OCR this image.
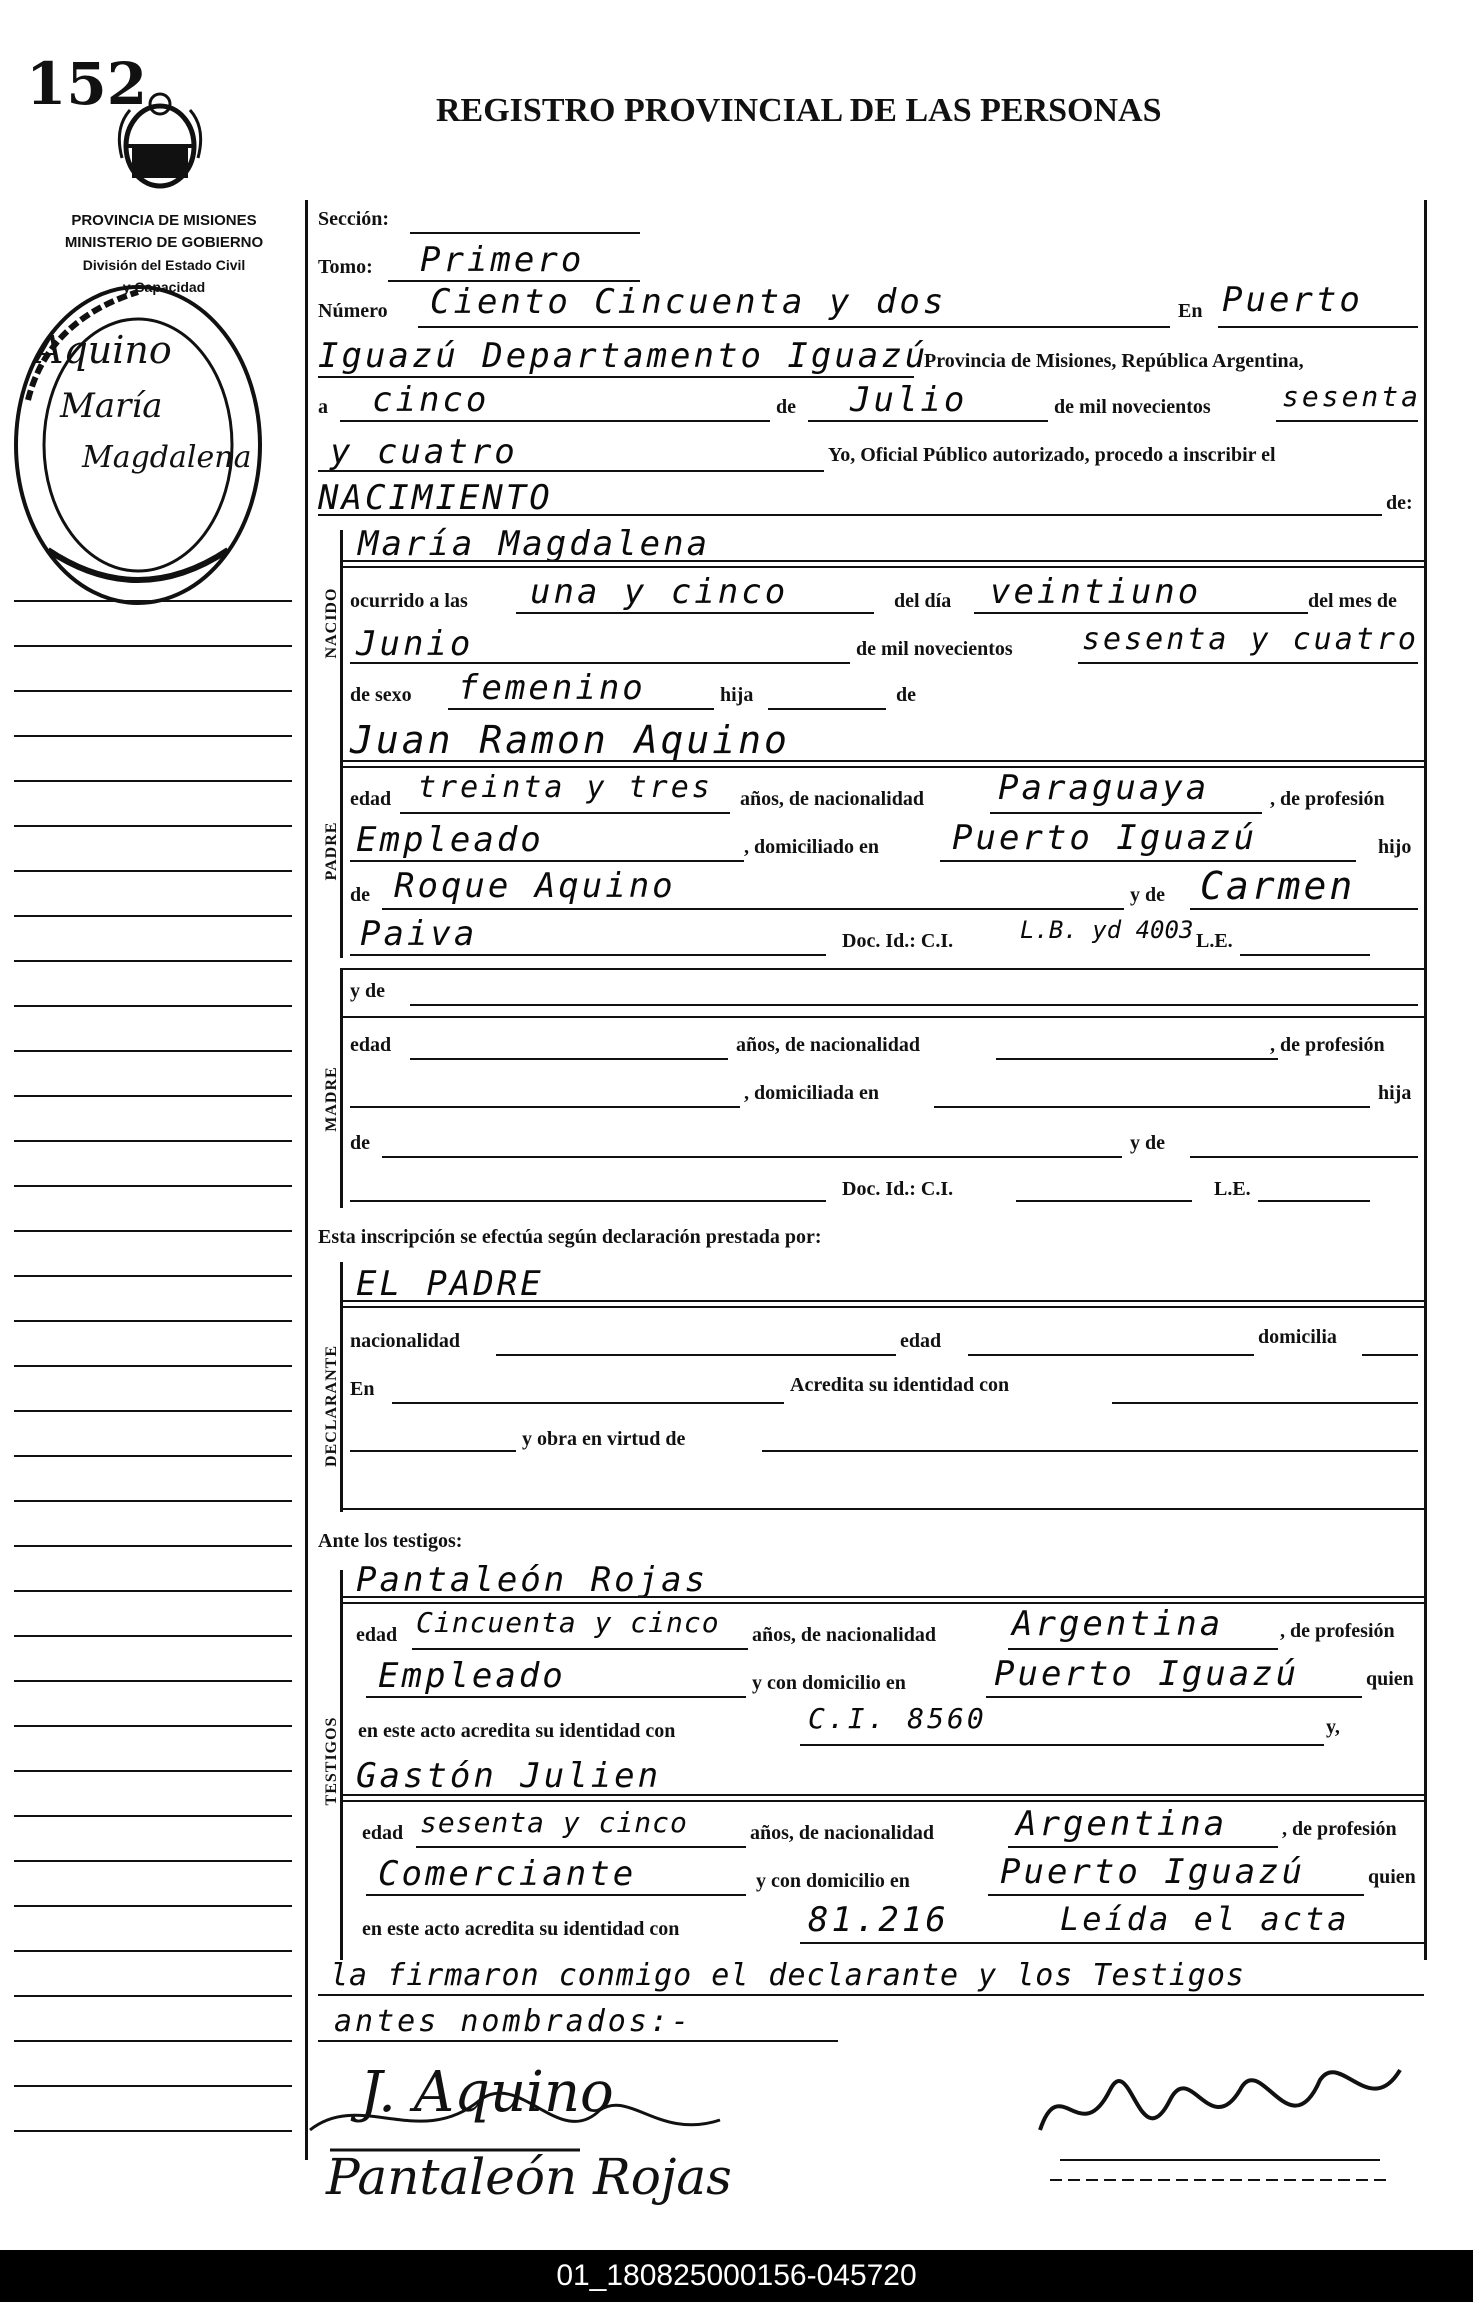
152	REGISTRO PROVINCIAL DE LAS PERSONAS
PROVINCIA DE MISIONES
MINISTERIO DE GOBIERNO
División del Estado Civil
y Capacidad
Aquino
María
Magdalena
Sección:
Tomo: Primero
Número Ciento Cincuenta y dos	En Puerto
Iguazú Departamento Iguazú
Provincia de Misiones, República Argentina,
a cinco	de Julio	de mil novecientos	sesenta
y cuatro	Yo, Oficial Público autorizado, procedo a inscribir el
NACIMIENTO	de:
NACIDO
María Magdalena
ocurrido a las una y cinco	del día veintiuno	del mes de
Junio	de mil novecientos sesenta y cuatro
de sexo femenino	hija	de
PADRE
Juan Ramon Aquino
edad treinta y tres años, de nacionalidad Paraguaya	, de profesión
Empleado	, domiciliado en Puerto Iguazú	hijo
de Roque Aquino	y de Carmen
Paiva	Doc. Id.: C.I.	L.B. yd 4003 L.E.
MADRE
y de
edad	años, de nacionalidad	, de profesión
, domiciliada en	hija
de	y de
Doc. Id.: C.I.	L.E.
Esta inscripción se efectúa según declaración prestada por:
DECLARANTE
EL PADRE
nacionalidad	edad	domicilia
En	Acredita su identidad con
y obra en virtud de
Ante los testigos:
TESTIGOS
Pantaleón Rojas
edad Cincuenta y cinco años, de nacionalidad Argentina	, de profesión
Empleado	y con domicilio en	Puerto Iguazú	quien
en este acto acredita su identidad con	C.I. 8560	y,
Gastón Julien
edad sesenta y cinco	años, de nacionalidad Argentina	, de profesión
Comerciante	y con domicilio en	Puerto Iguazú	quien
en este acto acredita su identidad con	81.216	Leída el acta
la firmaron conmigo el declarante y los Testigos
antes nombrados:-
J. Aquino
Pantaleón Rojas
01_180825000156-045720
